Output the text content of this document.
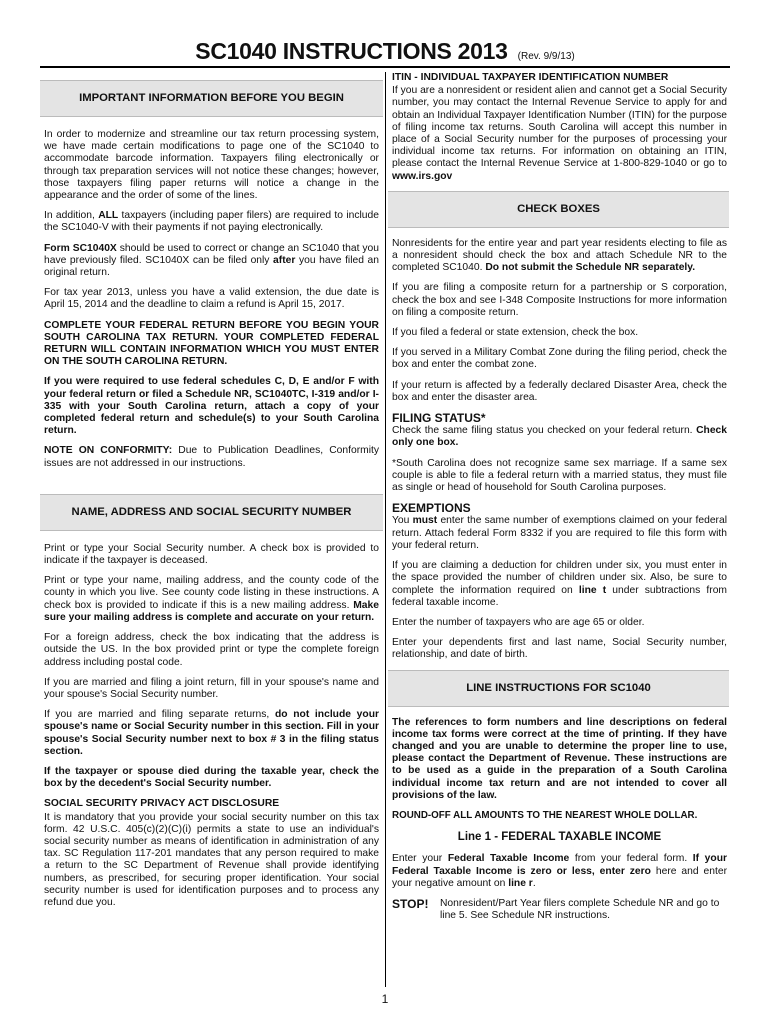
SC1040 INSTRUCTIONS 2013 (Rev. 9/9/13)
IMPORTANT INFORMATION BEFORE YOU BEGIN

In order to modernize and streamline our tax return processing system, we have made certain modifications to page one of the SC1040 to accommodate barcode information. Taxpayers filing electronically or through tax preparation services will not notice these changes; however, those taxpayers filing paper returns will notice a change in the appearance and the order of some of the lines.

In addition, ALL taxpayers (including paper filers) are required to include the SC1040-V with their payments if not paying electronically.

Form SC1040X should be used to correct or change an SC1040 that you have previously filed. SC1040X can be filed only after you have filed an original return.

For tax year 2013, unless you have a valid extension, the due date is April 15, 2014 and the deadline to claim a refund is April 15, 2017.

COMPLETE YOUR FEDERAL RETURN BEFORE YOU BEGIN YOUR SOUTH CAROLINA TAX RETURN. YOUR COMPLETED FEDERAL RETURN WILL CONTAIN INFORMATION WHICH YOU MUST ENTER ON THE SOUTH CAROLINA RETURN.

If you were required to use federal schedules C, D, E and/or F with your federal return or filed a Schedule NR, SC1040TC, I-319 and/or I-335 with your South Carolina return, attach a copy of your completed federal return and schedule(s) to your South Carolina return.

NOTE ON CONFORMITY: Due to Publication Deadlines, Conformity issues are not addressed in our instructions.

NAME, ADDRESS AND SOCIAL SECURITY NUMBER

Print or type your Social Security number. A check box is provided to indicate if the taxpayer is deceased.

Print or type your name, mailing address, and the county code of the county in which you live. See county code listing in these instructions. A check box is provided to indicate if this is a new mailing address. Make sure your mailing address is complete and accurate on your return.

For a foreign address, check the box indicating that the address is outside the US. In the box provided print or type the complete foreign address including postal code.

If you are married and filing a joint return, fill in your spouse's name and your spouse's Social Security number.

If you are married and filing separate returns, do not include your spouse's name or Social Security number in this section. Fill in your spouse's Social Security number next to box # 3 in the filing status section.

If the taxpayer or spouse died during the taxable year, check the box by the decedent's Social Security number.

SOCIAL SECURITY PRIVACY ACT DISCLOSURE

It is mandatory that you provide your social security number on this tax form. 42 U.S.C. 405(c)(2)(C)(i) permits a state to use an individual's social security number as means of identification in administration of any tax. SC Regulation 117-201 mandates that any person required to make a return to the SC Department of Revenue shall provide identifying numbers, as prescribed, for securing proper identification. Your social security number is used for identification purposes and to process any refund due you.

ITIN - INDIVIDUAL TAXPAYER IDENTIFICATION NUMBER

If you are a nonresident or resident alien and cannot get a Social Security number, you may contact the Internal Revenue Service to apply for and obtain an Individual Taxpayer Identification Number (ITIN) for the purpose of filing income tax returns. South Carolina will accept this number in place of a Social Security number for the purposes of processing your individual income tax returns. For information on obtaining an ITIN, please contact the Internal Revenue Service at 1-800-829-1040 or go to www.irs.gov

CHECK BOXES

Nonresidents for the entire year and part year residents electing to file as a nonresident should check the box and attach Schedule NR to the completed SC1040. Do not submit the Schedule NR separately.

If you are filing a composite return for a partnership or S corporation, check the box and see I-348 Composite Instructions for more information on filing a composite return.

If you filed a federal or state extension, check the box.

If you served in a Military Combat Zone during the filing period, check the box and enter the combat zone.

If your return is affected by a federally declared Disaster Area, check the box and enter the disaster area.

FILING STATUS*

Check the same filing status you checked on your federal return. Check only one box.

*South Carolina does not recognize same sex marriage. If a same sex couple is able to file a federal return with a married status, they must file as single or head of household for South Carolina purposes.

EXEMPTIONS

You must enter the same number of exemptions claimed on your federal return. Attach federal Form 8332 if you are required to file this form with your federal return.

If you are claiming a deduction for children under six, you must enter in the space provided the number of children under six. Also, be sure to complete the information required on line t under subtractions from federal taxable income.

Enter the number of taxpayers who are age 65 or older.

Enter your dependents first and last name, Social Security number, relationship, and date of birth.

LINE INSTRUCTIONS FOR SC1040

The references to form numbers and line descriptions on federal income tax forms were correct at the time of printing. If they have changed and you are unable to determine the proper line to use, please contact the Department of Revenue. These instructions are to be used as a guide in the preparation of a South Carolina individual income tax return and are not intended to cover all provisions of the law.

ROUND-OFF ALL AMOUNTS TO THE NEAREST WHOLE DOLLAR.

Line 1 - FEDERAL TAXABLE INCOME

Enter your Federal Taxable Income from your federal form. If your Federal Taxable Income is zero or less, enter zero here and enter your negative amount on line r.

STOP!	Nonresident/Part Year filers complete Schedule NR and go to line 5. See Schedule NR instructions.
1
